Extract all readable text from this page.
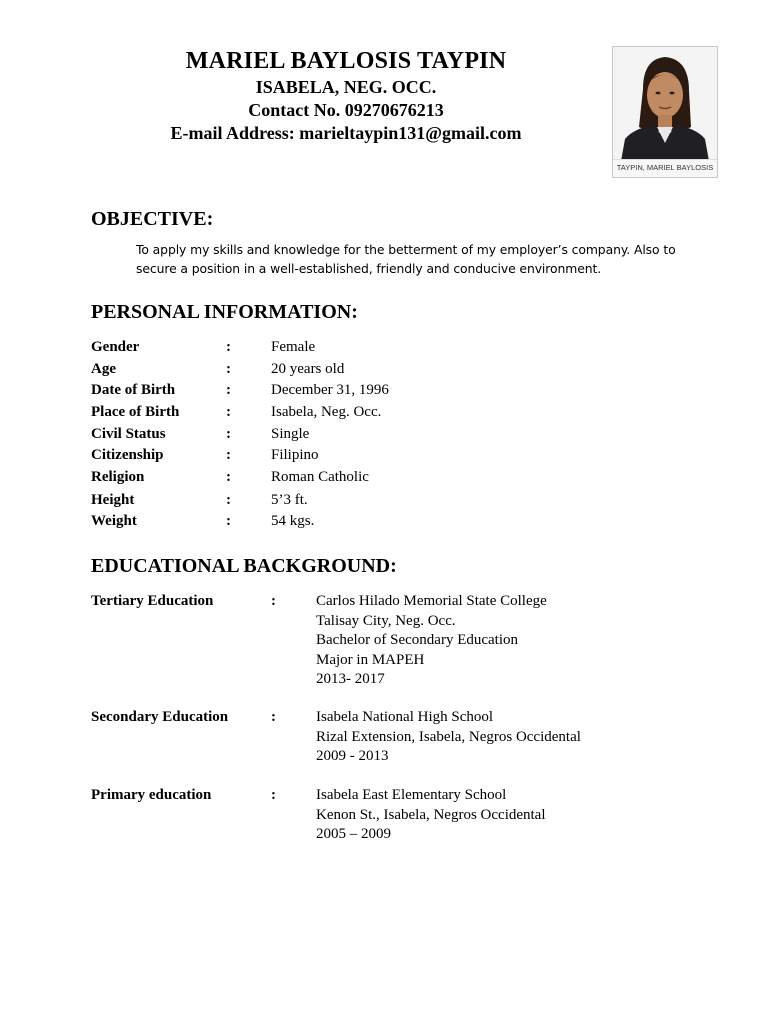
MARIEL BAYLOSIS TAYPIN
ISABELA, NEG. OCC.
Contact No. 09270676213
E-mail Address: marieltaypin131@gmail.com
TAYPIN, MARIEL BAYLOSIS
OBJECTIVE:
To apply my skills and knowledge for the betterment of my employer’s company. Also to secure a position in a well-established, friendly and conducive environment.
PERSONAL INFORMATION:
Gender	:	Female
Age	:	20 years old
Date of Birth	:	December 31, 1996
Place of Birth	:	Isabela, Neg. Occ.
Civil Status	:	Single
Citizenship	:	Filipino
Religion	:	Roman Catholic
Height	:	5’3 ft.
Weight	:	54 kgs.
EDUCATIONAL BACKGROUND:
Tertiary Education	:	Carlos Hilado Memorial State College
Talisay City, Neg. Occ.
Bachelor of Secondary Education
Major in MAPEH
2013- 2017
Secondary Education	:	Isabela National High School
Rizal Extension, Isabela, Negros Occidental
2009 - 2013
Primary education	:	Isabela East Elementary School
Kenon St., Isabela, Negros Occidental
2005 – 2009
